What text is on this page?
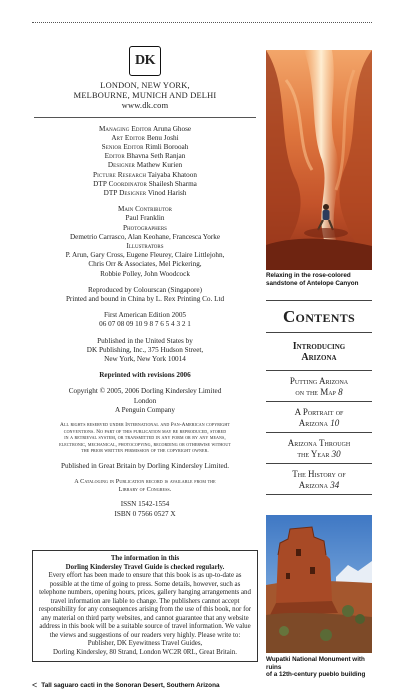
DK
LONDON, NEW YORK,
MELBOURNE, MUNICH AND DELHI
www.dk.com
Managing Editor Aruna Ghose
Art Editor Benu Joshi
Senior Editor Rimli Borooah
Editor Bhavna Seth Ranjan
Designer Mathew Kurien
Picture Research Taiyaba Khatoon
DTP Coordinator Shailesh Sharma
DTP Designer Vinod Harish
Main Contributor
Paul Franklin
Photographers
Demetrio Carrasco, Alan Keohane, Francesca Yorke
Illustrators
P. Arun, Gary Cross, Eugene Fleurey, Claire Littlejohn,
Chris Orr & Associates, Mel Pickering,
Robbie Polley, John Woodcock
Reproduced by Colourscan (Singapore)
Printed and bound in China by L. Rex Printing Co. Ltd
First American Edition 2005
06 07 08 09 10 9 8 7 6 5 4 3 2 1
Published in the United States by
DK Publishing, Inc., 375 Hudson Street,
New York, New York 10014
Reprinted with revisions 2006
Copyright © 2005, 2006 Dorling Kindersley Limited
London
A Penguin Company
All rights reserved under International and Pan-American copyright
conventions. No part of this publication may be reproduced, stored
in a retrieval system, or transmitted in any form or by any means,
electronic, mechanical, photocopying, recording or otherwise without
the prior written permission of the copyright owner.
Published in Great Britain by Dorling Kindersley Limited.
A Cataloging in Publication record is available from the
Library of Congress.
ISSN 1542-1554
ISBN 0 7566 0527 X
The information in this
Dorling Kindersley Travel Guide is checked regularly.
Every effort has been made to ensure that this book is as up-to-date as possible at the time of going to press. Some details, however, such as telephone numbers, opening hours, prices, gallery hanging arrangements and travel information are liable to change. The publishers cannot accept responsibility for any consequences arising from the use of this book, nor for any material on third party websites, and cannot guarantee that any website address in this book will be a suitable source of travel information. We value the views and suggestions of our readers very highly. Please write to: Publisher, DK Eyewitness Travel Guides,
Dorling Kindersley, 80 Strand, London WC2R 0RL, Great Britain.
Relaxing in the rose-colored
sandstone of Antelope Canyon
Contents
Introducing
Arizona
Putting Arizona
on the Map 8
A Portrait of
Arizona 10
Arizona Through
the Year 30
The History of
Arizona 34
Wupatki National Monument with ruins
of a 12th-century pueblo building
< Tall saguaro cacti in the Sonoran Desert, Southern Arizona
